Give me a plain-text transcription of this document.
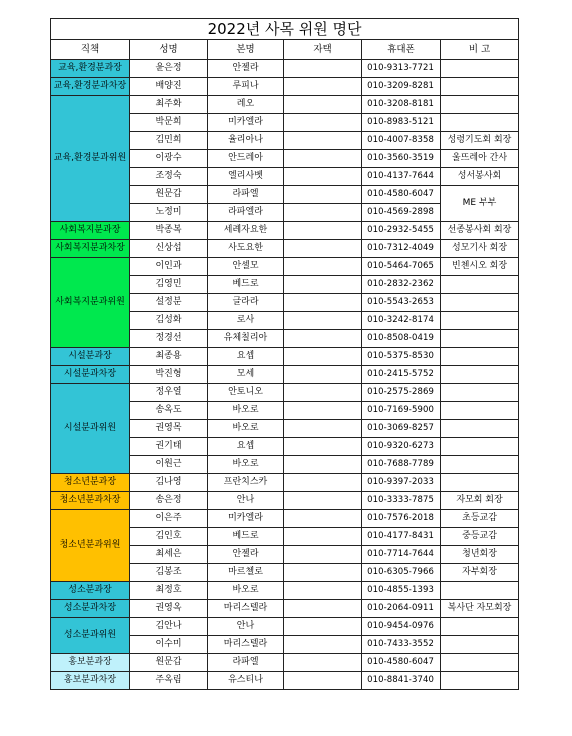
2022년 사목 위원 명단					
직책	성명	본명	자택	휴대폰	비 고
교육,환경분과장	윤은정	안젤라		010-9313-7721	
교육,환경분과차장	배양진	루피나		010-3209-8281	
교육,환경분과위원	최주화	레오		010-3208-8181	
	박문희	미카엘라		010-8983-5121	
	김민희	율리아나		010-4007-8358	성령기도회 회장
	이광수	안드레아		010-3560-3519	울뜨레아 간사
	조정숙	엘리사벳		010-4137-7644	성서봉사회
	원문갑	라파엘		010-4580-6047	ME 부부
	노정미	라파엘라		010-4569-2898	
사회복지분과장	박종복	세례자요한		010-2932-5455	선종봉사회 회장
사회복지분과차장	신상섭	사도요한		010-7312-4049	성모기사 회장
사회복지분과위원	이인과	안셀모		010-5464-7065	빈첸시오 회장
	김영민	베드로		010-2832-2362	
	설정분	글라라		010-5543-2653	
	김성화	로사		010-3242-8174	
	정경선	유체칠리아		010-8508-0419	
시설분과장	최종용	요셉		010-5375-8530	
시설분과차장	박진형	모세		010-2415-5752	
시설분과위원	정우열	안토니오		010-2575-2869	
	송옥도	바오로		010-7169-5900	
	권영목	바오로		010-3069-8257	
	권기태	요셉		010-9320-6273	
	이원근	바오로		010-7688-7789	
청소년분과장	김나영	프란치스카		010-9397-2033	
청소년분과차장	송은정	안나		010-3333-7875	자모회 회장
청소년분과위원	이은주	미카엘라		010-7576-2018	초등교감
	김인호	베드로		010-4177-8431	중등교감
	최세은	안젤라		010-7714-7644	청년회장
	김봉조	마르첼로		010-6305-7966	자부회장
성소분과장	최정호	바오로		010-4855-1393	
성소분과차장	권영옥	마리스텔라		010-2064-0911	복사단 자모회장
성소분과위원	김안나	안나		010-9454-0976	
	이수미	마리스텔라		010-7433-3552	
홍보분과장	원문갑	라파엘		010-4580-6047	
홍보분과차장	주옥림	유스티나		010-8841-3740	
